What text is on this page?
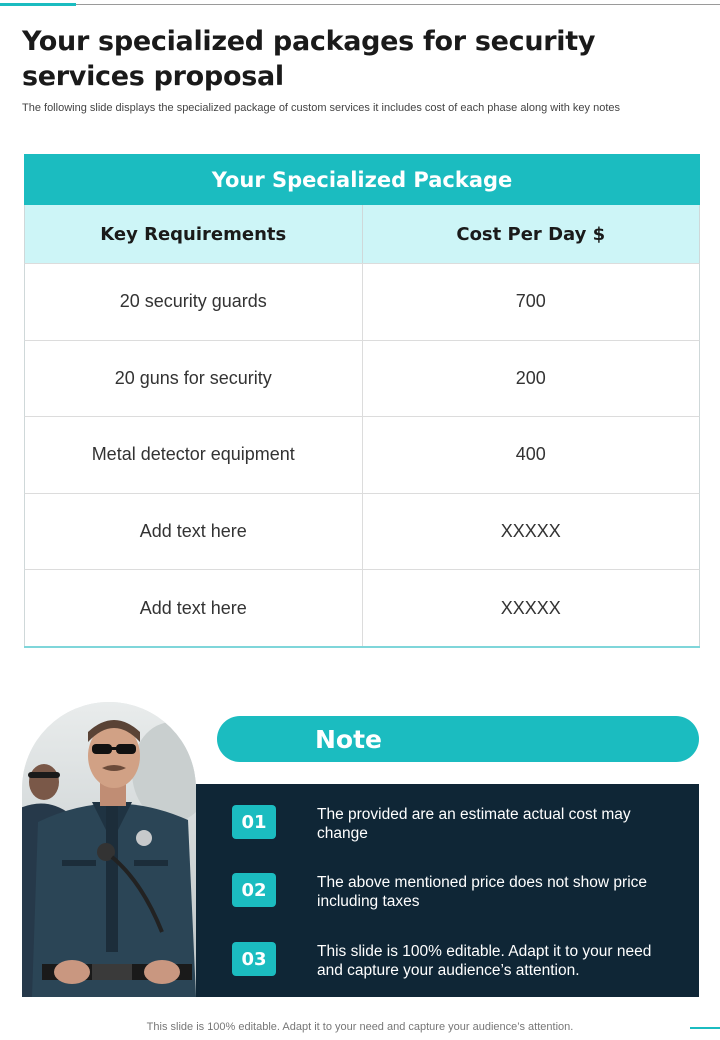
Your specialized packages for security services proposal

The following slide displays the specialized package of custom services it includes cost of each phase along with key notes

Your Specialized Package
Key Requirements	Cost Per Day $
20 security guards	700
20 guns for security	200
Metal detector equipment	400
Add text here	XXXXX
Add text here	XXXXX
Note
01	The provided are an estimate actual cost may change
02	The above mentioned price does not show price including taxes
03	This slide is 100% editable. Adapt it to your need and capture your audience’s attention.

This slide is 100% editable. Adapt it to your need and capture your audience’s attention.
